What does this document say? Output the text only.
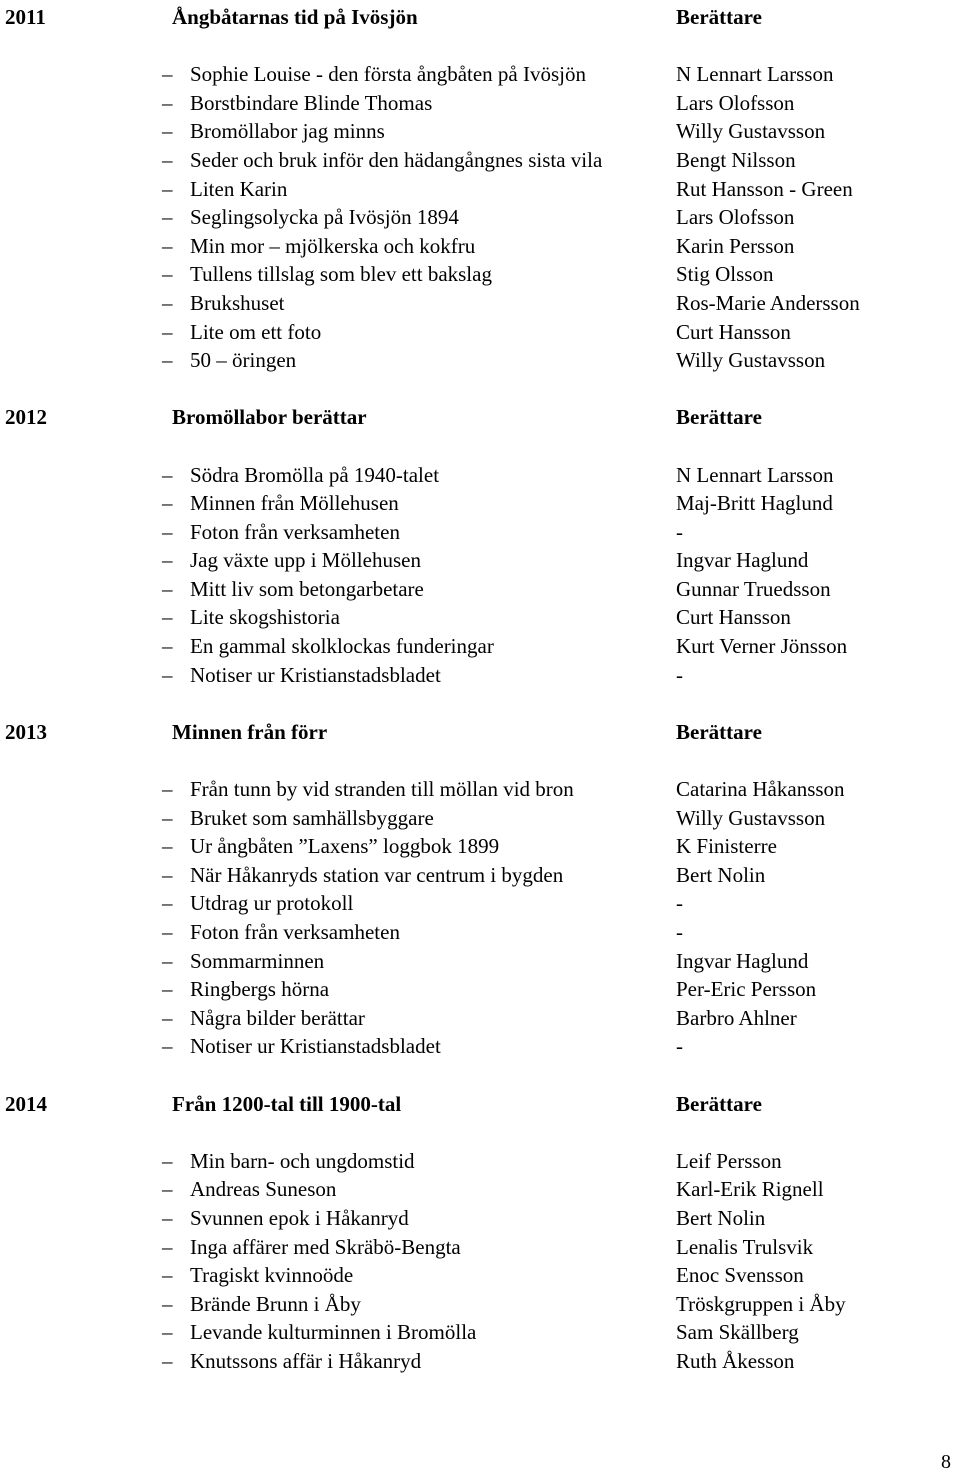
2011	Ångbåtarnas tid på Ivösjön	Berättare
– Sophie Louise - den första ångbåten på Ivösjön	N Lennart Larsson
– Borstbindare Blinde Thomas	Lars Olofsson
– Bromöllabor jag minns	Willy Gustavsson
– Seder och bruk inför den hädangångnes sista vila	Bengt Nilsson
– Liten Karin	Rut Hansson - Green
– Seglingsolycka på Ivösjön 1894	Lars Olofsson
– Min mor – mjölkerska och kokfru	Karin Persson
– Tullens tillslag som blev ett bakslag	Stig Olsson
– Brukshuset	Ros-Marie Andersson
– Lite om ett foto	Curt Hansson
– 50 – öringen	Willy Gustavsson
2012	Bromöllabor berättar	Berättare
– Södra Bromölla på 1940-talet	N Lennart Larsson
– Minnen från Möllehusen	Maj-Britt Haglund
– Foton från verksamheten	-
– Jag växte upp i Möllehusen	Ingvar Haglund
– Mitt liv som betongarbetare	Gunnar Truedsson
– Lite skogshistoria	Curt Hansson
– En gammal skolklockas funderingar	Kurt Verner Jönsson
– Notiser ur Kristianstadsbladet	-
2013	Minnen från förr	Berättare
– Från tunn by vid stranden till möllan vid bron	Catarina Håkansson
– Bruket som samhällsbyggare	Willy Gustavsson
– Ur ångbåten ”Laxens” loggbok 1899	K Finisterre
– När Håkanryds station var centrum i bygden	Bert Nolin
– Utdrag ur protokoll	-
– Foton från verksamheten	-
– Sommarminnen	Ingvar Haglund
– Ringbergs hörna	Per-Eric Persson
– Några bilder berättar	Barbro Ahlner
– Notiser ur Kristianstadsbladet	-
2014	Från 1200-tal till 1900-tal	Berättare
– Min barn- och ungdomstid	Leif Persson
– Andreas Suneson	Karl-Erik Rignell
– Svunnen epok i Håkanryd	Bert Nolin
– Inga affärer med Skräbö-Bengta	Lenalis Trulsvik
– Tragiskt kvinnoöde	Enoc Svensson
– Brände Brunn i Åby	Tröskgruppen i Åby
– Levande kulturminnen i Bromölla	Sam Skällberg
– Knutssons affär i Håkanryd	Ruth Åkesson
8
